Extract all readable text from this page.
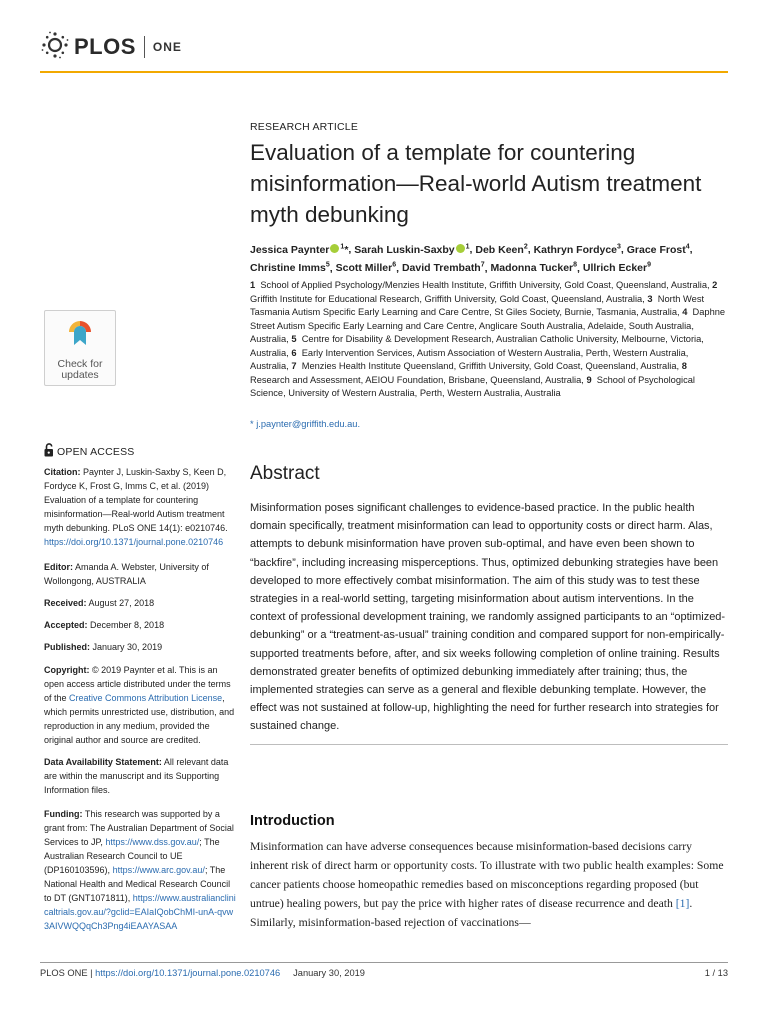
PLOS ONE
Check for updates
OPEN ACCESS
Citation: Paynter J, Luskin-Saxby S, Keen D, Fordyce K, Frost G, Imms C, et al. (2019) Evaluation of a template for countering misinformation—Real-world Autism treatment myth debunking. PLoS ONE 14(1): e0210746. https://doi.org/10.1371/journal.pone.0210746
Editor: Amanda A. Webster, University of Wollongong, AUSTRALIA
Received: August 27, 2018
Accepted: December 8, 2018
Published: January 30, 2019
Copyright: © 2019 Paynter et al. This is an open access article distributed under the terms of the Creative Commons Attribution License, which permits unrestricted use, distribution, and reproduction in any medium, provided the original author and source are credited.
Data Availability Statement: All relevant data are within the manuscript and its Supporting Information files.
Funding: This research was supported by a grant from: The Australian Department of Social Services to JP, https://www.dss.gov.au/; The Australian Research Council to UE (DP160103596), https://www.arc.gov.au/; The National Health and Medical Research Council to DT (GNT1071811), https://www.australianclinicaltrials.gov.au/?gclid=EAIaIQobChMI-unA-qvw3AIVWQQqCh3Png4iEAAYASAA
RESEARCH ARTICLE
Evaluation of a template for countering misinformation—Real-world Autism treatment myth debunking
Jessica Paynter $^1$*, Sarah Luskin-Saxby $^1$, Deb Keen$^2$, Kathryn Fordyce$^3$, Grace Frost$^4$, Christine Imms$^5$, Scott Miller$^6$, David Trembath$^7$, Madonna Tucker$^8$, Ullrich Ecker$^9$
1 School of Applied Psychology/Menzies Health Institute, Griffith University, Gold Coast, Queensland, Australia, 2  Griffith Institute for Educational Research, Griffith University, Gold Coast, Queensland, Australia, 3 North West Tasmania Autism Specific Early Learning and Care Centre, St Giles Society, Burnie, Tasmania, Australia, 4 Daphne Street Autism Specific Early Learning and Care Centre, Anglicare South Australia, Adelaide, South Australia, Australia, 5 Centre for Disability & Development Research, Australian Catholic University, Melbourne, Victoria, Australia, 6 Early Intervention Services, Autism Association of Western Australia, Perth, Western Australia, Australia, 7 Menzies Health Institute Queensland, Griffith University, Gold Coast, Queensland, Australia, 8  Research and Assessment, AEIOU Foundation, Brisbane, Queensland, Australia, 9 School of Psychological Science, University of Western Australia, Perth, Western Australia, Australia
* j.paynter@griffith.edu.au.
Abstract
Misinformation poses significant challenges to evidence-based practice. In the public health domain specifically, treatment misinformation can lead to opportunity costs or direct harm. Alas, attempts to debunk misinformation have proven sub-optimal, and have even been shown to “backfire”, including increasing misperceptions. Thus, optimized debunking strategies have been developed to more effectively combat misinformation. The aim of this study was to test these strategies in a real-world setting, targeting misinformation about autism interventions. In the context of professional development training, we randomly assigned participants to an “optimized-debunking” or a “treatment-as-usual” training condition and compared support for non-empirically-supported treatments before, after, and six weeks following completion of online training. Results demonstrated greater benefits of optimized debunking immediately after training; thus, the implemented strategies can serve as a general and flexible debunking template. However, the effect was not sustained at follow-up, highlighting the need for further research into strategies for sustained change.
Introduction
Misinformation can have adverse consequences because misinformation-based decisions carry inherent risk of direct harm or opportunity costs. To illustrate with two public health examples: Some cancer patients choose homeopathic remedies based on misconceptions regarding proposed (but untrue) healing powers, but pay the price with higher rates of disease recurrence and death [1]. Similarly, misinformation-based rejection of vaccinations—
PLOS ONE | https://doi.org/10.1371/journal.pone.0210746 January 30, 2019	1 / 13
